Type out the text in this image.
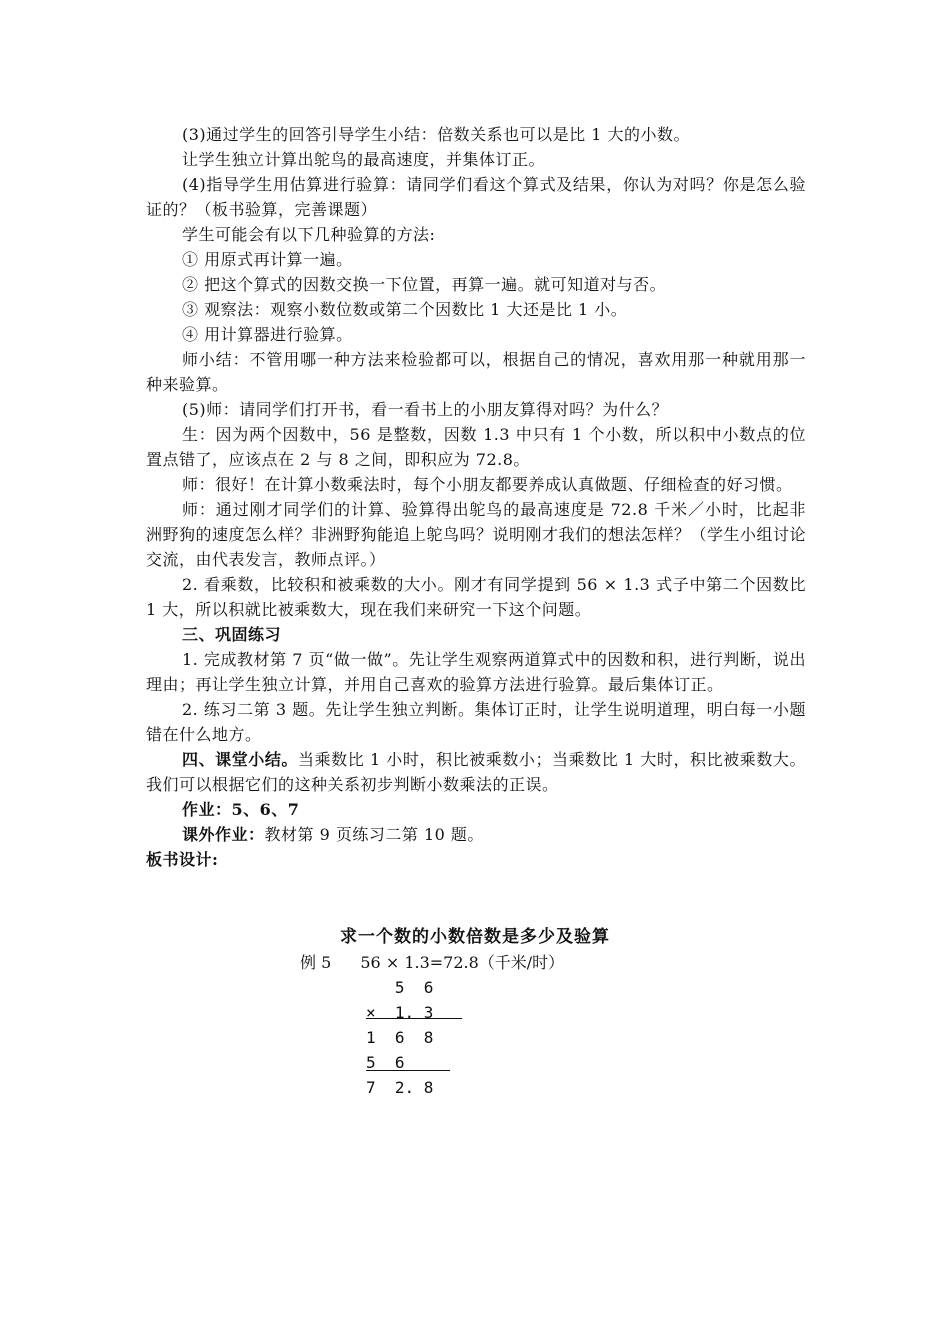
(3)通过学生的回答引导学生小结：倍数关系也可以是比 1 大的小数。

让学生独立计算出鸵鸟的最高速度，并集体订正。

(4)指导学生用估算进行验算：请同学们看这个算式及结果，你认为对吗？你是怎么验证的？（板书验算，完善课题）

学生可能会有以下几种验算的方法:

① 用原式再计算一遍。

② 把这个算式的因数交换一下位置，再算一遍。就可知道对与否。

③ 观察法：观察小数位数或第二个因数比 1 大还是比 1 小。

④ 用计算器进行验算。

师小结：不管用哪一种方法来检验都可以，根据自己的情况，喜欢用那一种就用那一种来验算。

(5)师：请同学们打开书，看一看书上的小朋友算得对吗？为什么？

生：因为两个因数中，56 是整数，因数 1.3 中只有 1 个小数，所以积中小数点的位置点错了，应该点在 2 与 8 之间，即积应为 72.8。

师：很好！在计算小数乘法时，每个小朋友都要养成认真做题、仔细检查的好习惯。

师：通过刚才同学们的计算、验算得出鸵鸟的最高速度是 72.8 千米／小时，比起非洲野狗的速度怎么样？非洲野狗能追上鸵鸟吗？说明刚才我们的想法怎样？（学生小组讨论交流，由代表发言，教师点评。）

2. 看乘数，比较积和被乘数的大小。刚才有同学提到 56 × 1.3 式子中第二个因数比 1 大，所以积就比被乘数大，现在我们来研究一下这个问题。

三、巩固练习

1. 完成教材第 7 页“做一做”。先让学生观察两道算式中的因数和积，进行判断，说出理由；再让学生独立计算，并用自己喜欢的验算方法进行验算。最后集体订正。

2. 练习二第 3 题。先让学生独立判断。集体订正时，让学生说明道理，明白每一小题错在什么地方。

四、课堂小结。当乘数比 1 小时，积比被乘数小；当乘数比 1 大时，积比被乘数大。我们可以根据它们的这种关系初步判断小数乘法的正误。

作业：5、6、7

课外作业：教材第 9 页练习二第 10 题。

板书设计:

求一个数的小数倍数是多少及验算
例 5 56 × 1.3=72.8（千米/时）
5  6
×  1. 3
1  6  8
5  6
7  2. 8
